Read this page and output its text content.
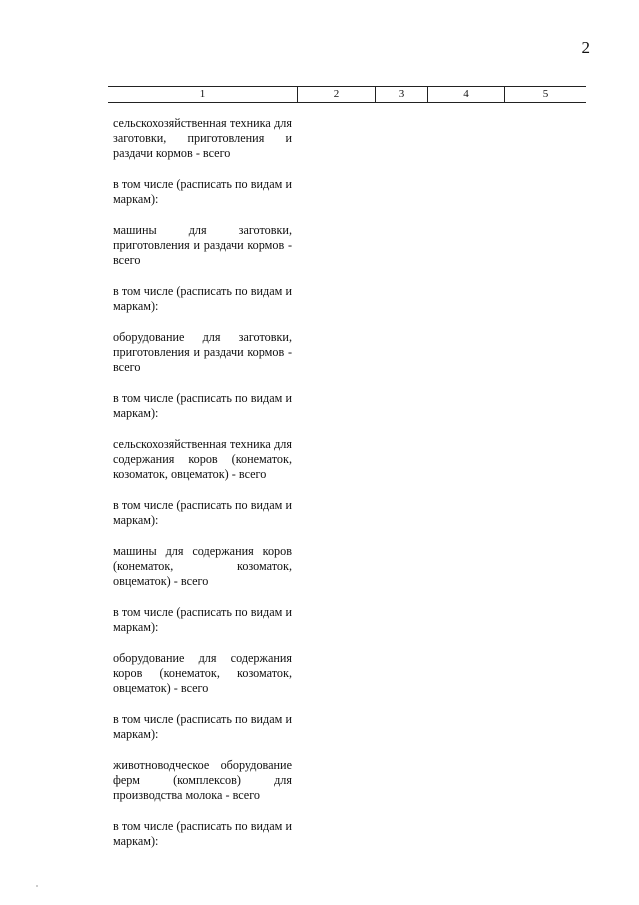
2
1	2	3	4	5

сельскохозяйственная техника для заготовки, приготовления и раздачи кормов - всего

в том числе (расписать по видам и маркам):

машины для заготовки, приготовления и раздачи кормов - всего

в том числе (расписать по видам и маркам):

оборудование для заготовки, приготовления и раздачи кормов - всего

в том числе (расписать по видам и маркам):

сельскохозяйственная техника для содержания коров (конематок, козоматок, овцематок) - всего

в том числе (расписать по видам и маркам):

машины для содержания коров (конематок, козоматок, овцематок) - всего

в том числе (расписать по видам и маркам):

оборудование для содержания коров (конематок, козоматок, овцематок) - всего

в том числе (расписать по видам и маркам):

животноводческое оборудование ферм (комплексов) для производства молока - всего

в том числе (расписать по видам и маркам):
